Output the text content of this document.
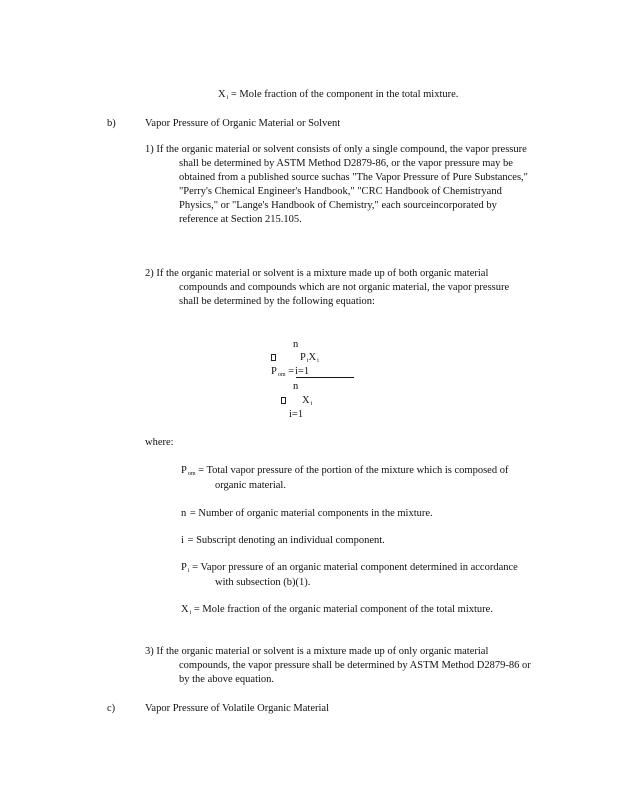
Xi = Mole fraction of the component in the total mixture.
b)	Vapor Pressure of Organic Material or Solvent
1) If the organic material or solvent consists of only a single compound, the vapor pressure shall be determined by ASTM Method D2879-86, or the vapor pressure may be obtained from a published source suchas "The Vapor Pressure of Pure Substances," "Perry's Chemical Engineer's Handbook," "CRC Handbook of Chemistryand Physics," or "Lange's Handbook of Chemistry," each sourceincorporated by reference at Section 215.105.
2) If the organic material or solvent is a mixture made up of both organic material compounds and compounds which are not organic material, the vapor pressure shall be determined by the following equation:
n
PiXi
Pom = i=1
n
Xi
i=1
where:
Pom = Total vapor pressure of the portion of the mixture which is composed of organic material.
n = Number of organic material components in the mixture.
i = Subscript denoting an individual component.
Pi = Vapor pressure of an organic material component determined in accordance with subsection (b)(1).
Xi = Mole fraction of the organic material component of the total mixture.
3) If the organic material or solvent is a mixture made up of only organic material compounds, the vapor pressure shall be determined by ASTM Method D2879-86 or by the above equation.
c)	Vapor Pressure of Volatile Organic Material
